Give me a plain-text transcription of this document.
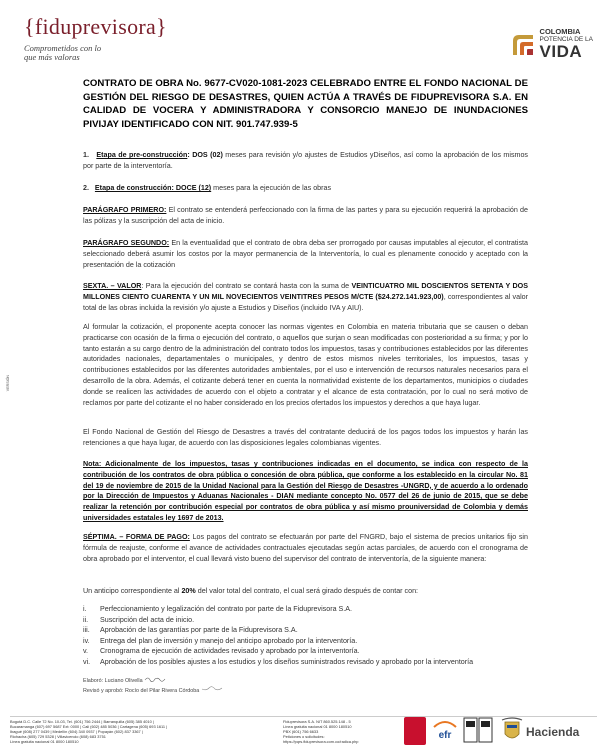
{fiduprevisora}
Comprometidos con lo que más valoras
COLOMBIA
POTENCIA DE LA
VIDA
CONTRATO DE OBRA No. 9677-CV020-1081-2023 CELEBRADO ENTRE EL FONDO NACIONAL DE GESTIÓN DEL RIESGO DE DESASTRES, QUIEN ACTÚA A TRAVÉS DE FIDUPREVISORA S.A. EN CALIDAD DE VOCERA Y ADMINISTRADORA Y CONSORCIO MANEJO DE INUNDACIONES PIVIJAY IDENTIFICADO CON NIT. 901.747.939-5
VERSIÓN
1. Etapa de pre-construcción: DOS (02) meses para revisión y/o ajustes de Estudios yDiseños, así como la aprobación de los mismos por parte de la interventoría.
2. Etapa de construcción: DOCE (12) meses para la ejecución de las obras
PARÁGRAFO PRIMERO: El contrato se entenderá perfeccionado con la firma de las partes y para su ejecución requerirá la aprobación de las pólizas y la suscripción del acta de inicio.
PARÁGRAFO SEGUNDO: En la eventualidad que el contrato de obra deba ser prorrogado por causas imputables al ejecutor, el contratista seleccionado deberá asumir los costos por la mayor permanencia de la Interventoría, lo cual es plenamente conocido y aceptado con la presentación de la cotización
SEXTA. – VALOR: Para la ejecución del contrato se contará hasta con la suma de VEINTICUATRO MIL DOSCIENTOS SETENTA Y DOS MILLONES CIENTO CUARENTA Y UN MIL NOVECIENTOS VEINTITRES PESOS M/CTE ($24.272.141.923,00), correspondientes al valor total de las obras incluida la revisión y/o ajuste a Estudios y Diseños (incluido IVA y AIU).
Al formular la cotización, el proponente acepta conocer las normas vigentes en Colombia en materia tributaria que se causen o deban practicarse con ocasión de la firma o ejecución del contrato, o aquellos que surjan o sean modificadas con posterioridad a su firma; y por lo tanto estarán a su cargo dentro de la administración del contrato todos los impuestos, tasas y contribuciones establecidos por las diferentes autoridades nacionales, departamentales o municipales, y dentro de estos mismos niveles territoriales, los impuestos, tasas y contribuciones establecidos por las diferentes autoridades ambientales, por el uso e intervención de recursos naturales necesarios para el desarrollo de la obra. Además, el cotizante deberá tener en cuenta la normatividad existente de los departamentos, municipios o ciudades donde se realicen las actividades de acuerdo con el objeto a contratar y el alcance de esta contratación, por lo cual no será motivo de reclamos por parte del cotizante el no haber considerado en los precios ofertados los impuestos y derechos a que haya lugar.
El Fondo Nacional de Gestión del Riesgo de Desastres a través del contratante deducirá de los pagos todos los impuestos y harán las retenciones a que haya lugar, de acuerdo con las disposiciones legales colombianas vigentes.
Nota: Adicionalmente de los impuestos, tasas y contribuciones indicadas en el documento, se indica con respecto de la contribución de los contratos de obra pública o concesión de obra pública, que conforme a los establecido en la circular No. 81 del 19 de noviembre de 2015 de la Unidad Nacional para la Gestión del Riesgo de Desastres -UNGRD, y de acuerdo a lo ordenado por la Dirección de Impuestos y Aduanas Nacionales - DIAN mediante concepto No. 0577 del 26 de junio de 2015, que se debe realizar la retención por contribución especial por contratos de obra pública y así mismo prouniversidad de Colombia y demás universidades estatales ley 1697 de 2013.
SÉPTIMA. – FORMA DE PAGO: Los pagos del contrato se efectuarán por parte del FNGRD, bajo el sistema de precios unitarios fijo sin fórmula de reajuste, conforme el avance de actividades contractuales ejecutadas según actas parciales, de acuerdo con el cronograma de obra aprobado por el interventor, el cual llevará visto bueno del supervisor del contrato de interventoría, de la siguiente manera:
Un anticipo correspondiente al 20% del valor total del contrato, el cual será girado después de contar con:
i.	Perfeccionamiento y legalización del contrato por parte de la Fiduprevisora S.A.
ii.	Suscripción del acta de inicio.
iii.	Aprobación de las garantías por parte de la Fiduprevisora S.A.
iv.	Entrega del plan de inversión y manejo del anticipo aprobado por la interventoría.
v.	Cronograma de ejecución de actividades revisado y aprobado por la interventoría.
vi.	Aprobación de los posibles ajustes a los estudios y los diseños suministrados revisado y aprobado por la interventoría
Elaboró: Luciano Olivella
Revisó y aprobó: Rocío del Pilar Rivera Córdoba
Bogotá D.C. Calle 72 No. 10-03, Tel. (601) 756 2444 | Barranquilla (605) 385 4010 |
Bucaramanga (607) 697 5687 Ext: 0000 | Cali (602) 485 5036 | Cartagena (605) 693 1611 |
Ibagué (608) 277 0439 | Medellín (604) 340 0937 | Popayán (602) 837 3367 |
Riohacha (605) 729 5328 | Villavicencio (608) 683 3751
Línea gratuita nacional 01 8000 180510
Fiduprevisora S.A. NIT 860.525.148 - 5
Línea gratuita nacional 01 8000 180510
PBX (601) 756 6633
Peticiones o solicitudes:
https://pqrs.fiduprevisora.com.co/radica.php
efr	Hacienda
